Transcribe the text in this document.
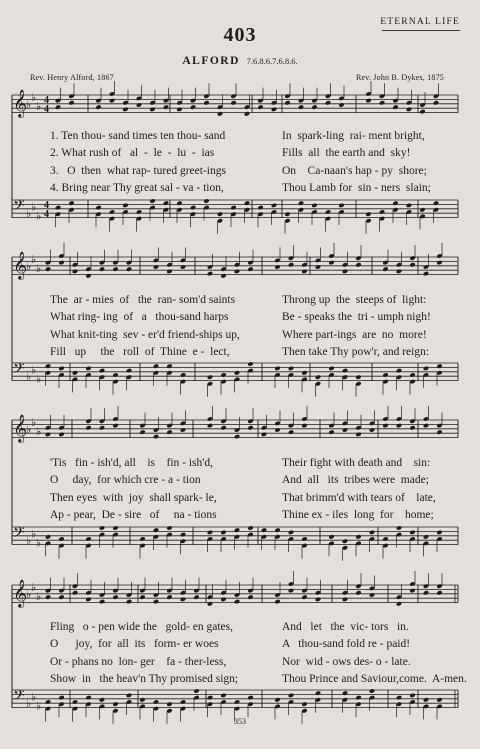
403
ETERNAL LIFE
ALFORD 7.6.8.6.7.6.8.6.
Rev. Henry Alford, 1867	Rev. John B. Dykes, 1875
𝄞
𝄢
♭
♭
♭
♭
♭
♭
4
4
4
4
𝄞
𝄢
♭
♭
♭
♭
♭
♭
𝄞
𝄢
♭
♭
♭
♭
♭
♭
𝄞
𝄢
♭
♭
♭
♭
♭
♭
1. Ten thou- sand times ten thou- sand	In  spark-ling  rai- ment bright,
2. What rush of   al  -  le  -  lu  -  ias	Fills  all  the earth and  sky!
3.   O  then  what rap- tured greet-ings	On    Ca-naan's hap - py  shore;
4. Bring near Thy great sal - va - tion,	Thou Lamb for  sin - ners  slain;
The  ar - mies  of   the  ran- som'd saints	Throng up  the  steeps of  light:
What ring- ing  of   a   thou-sand harps	Be - speaks the  tri - umph nigh!
What knit-ting  sev - er'd friend-ships up,	Where part-ings  are  no  more!
Fill   up     the   roll  of  Thine  e -  lect,	Then take Thy pow'r, and reign:
'Tis   fin - ish'd, all    is    fin - ish'd,	Their fight with death and    sin:
O     day,  for which cre - a - tion	And  all   its  tribes were  made;
Then eyes  with  joy  shall spark- le,	That brimm'd with tears of    late,
Ap - pear,  De - sire   of     na - tions	Thine ex - iles  long  for    home;
Fling   o - pen wide the   gold- en gates,	And   let   the  vic- tors   in.
O      joy,  for  all  its   form- er woes	A   thou-sand fold re - paid!
Or - phans no  lon- ger    fa - ther-less,	Nor  wid - ows des- o - late.
Show  in   the heav'n Thy promised sign;	Thou Prince and Saviour,come.  A-men.
353
